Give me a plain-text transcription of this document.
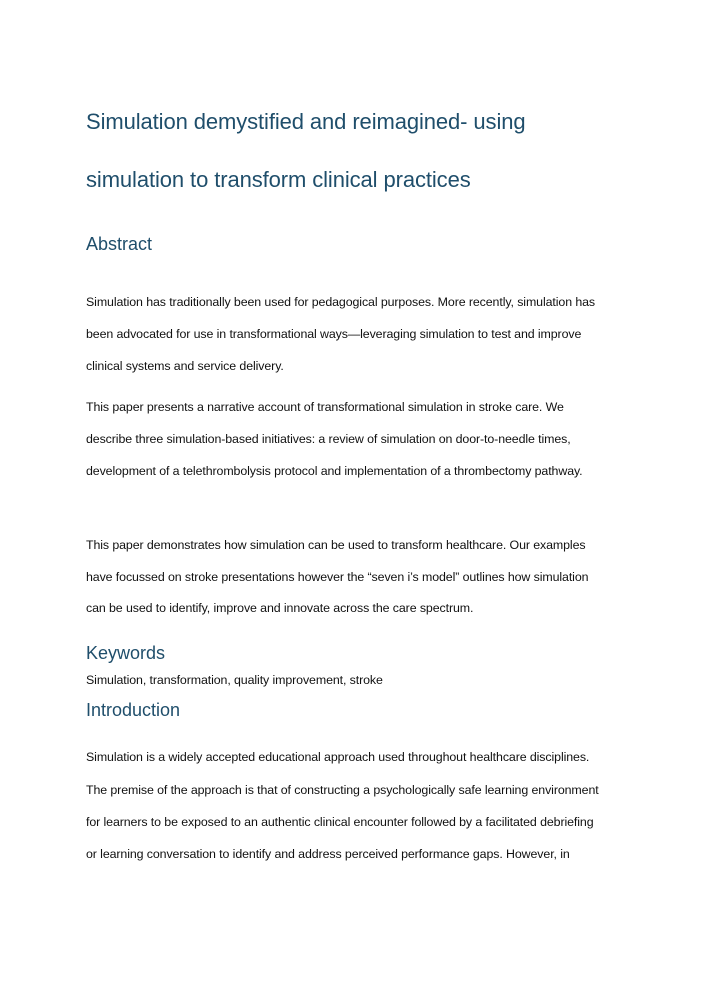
Simulation demystified and reimagined- using
simulation to transform clinical practices
Abstract
Simulation has traditionally been used for pedagogical purposes. More recently, simulation has
been advocated for use in transformational ways—leveraging simulation to test and improve
clinical systems and service delivery.
This paper presents a narrative account of transformational simulation in stroke care. We
describe three simulation-based initiatives: a review of simulation on door-to-needle times,
development of a telethrombolysis protocol and implementation of a thrombectomy pathway.
This paper demonstrates how simulation can be used to transform healthcare. Our examples
have focussed on stroke presentations however the “seven i’s model” outlines how simulation
can be used to identify, improve and innovate across the care spectrum.
Keywords
Simulation, transformation, quality improvement, stroke
Introduction
Simulation is a widely accepted educational approach used throughout healthcare disciplines.
The premise of the approach is that of constructing a psychologically safe learning environment
for learners to be exposed to an authentic clinical encounter followed by a facilitated debriefing
or learning conversation to identify and address perceived performance gaps. However, in
